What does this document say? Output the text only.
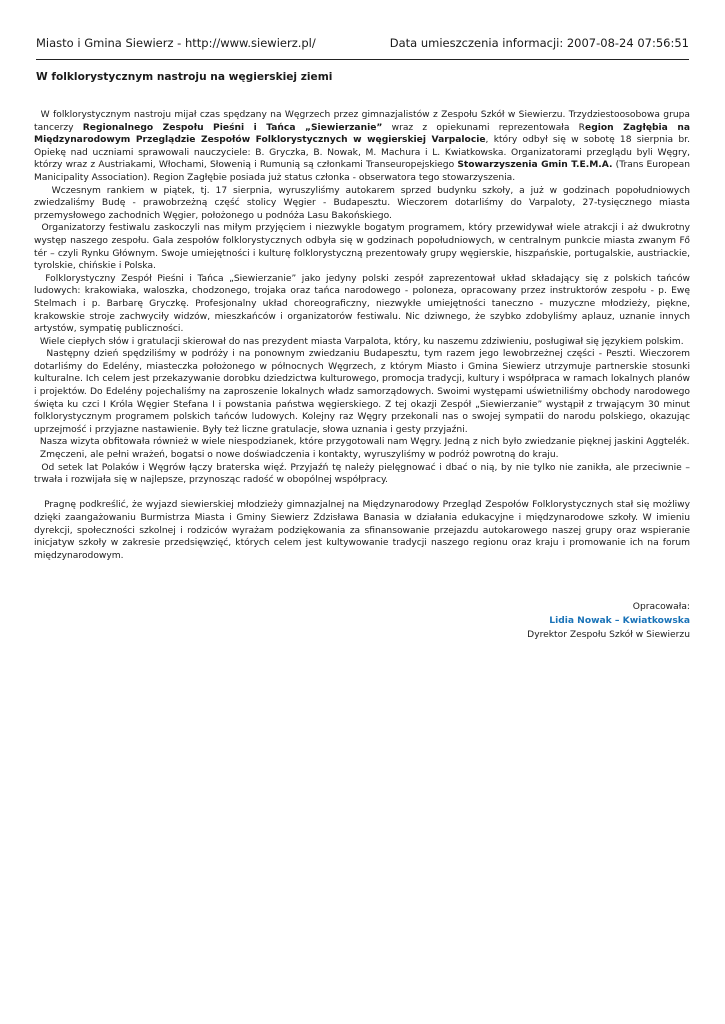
Miasto i Gmina Siewierz - http://www.siewierz.pl/	Data umieszczenia informacji: 2007-08-24 07:56:51
W folklorystycznym nastroju na węgierskiej ziemi

W folklorystycznym nastroju mijał czas spędzany na Węgrzech przez gimnazjalistów z Zespołu Szkół w Siewierzu. Trzydziestoosobowa grupa tancerzy Regionalnego Zespołu Pieśni i Tańca „Siewierzanie” wraz z opiekunami reprezentowała Region Zagłębia na Międzynarodowym Przeglądzie Zespołów Folklorystycznych w węgierskiej Varpalocie, który odbył się w sobotę 18 sierpnia br. Opiekę nad uczniami sprawowali nauczyciele: B. Gryczka, B. Nowak, M. Machura i L. Kwiatkowska. Organizatorami przeglądu byli Węgry, którzy wraz z Austriakami, Włochami, Słowenią i Rumunią są członkami Transeuropejskiego Stowarzyszenia Gmin T.E.M.A. (Trans European Manicipality Association). Region Zagłębie posiada już status członka - obserwatora tego stowarzyszenia.

Wczesnym rankiem w piątek, tj. 17 sierpnia, wyruszyliśmy autokarem sprzed budynku szkoły, a już w godzinach popołudniowych zwiedzaliśmy Budę - prawobrzeżną część stolicy Węgier - Budapesztu. Wieczorem dotarliśmy do Varpaloty, 27-tysięcznego miasta przemysłowego zachodnich Węgier, położonego u podnóża Lasu Bakońskiego.

Organizatorzy festiwalu zaskoczyli nas miłym przyjęciem i niezwykle bogatym programem, który przewidywał wiele atrakcji i aż dwukrotny występ naszego zespołu. Gala zespołów folklorystycznych odbyła się w godzinach popołudniowych, w centralnym punkcie miasta zwanym Fő tér – czyli Rynku Głównym. Swoje umiejętności i kulturę folklorystyczną prezentowały grupy węgierskie, hiszpańskie, portugalskie, austriackie, tyrolskie, chińskie i Polska.

Folklorystyczny Zespół Pieśni i Tańca „Siewierzanie” jako jedyny polski zespół zaprezentował układ składający się z polskich tańców ludowych: krakowiaka, waloszka, chodzonego, trojaka oraz tańca narodowego - poloneza, opracowany przez instruktorów zespołu - p. Ewę Stelmach i p. Barbarę Gryczkę. Profesjonalny układ choreograficzny, niezwykłe umiejętności taneczno - muzyczne młodzieży, piękne, krakowskie stroje zachwyciły widzów, mieszkańców i organizatorów festiwalu. Nic dziwnego, że szybko zdobyliśmy aplauz, uznanie innych artystów, sympatię publiczności.

Wiele ciepłych słów i gratulacji skierował do nas prezydent miasta Varpalota, który, ku naszemu zdziwieniu, posługiwał się językiem polskim.

Następny dzień spędziliśmy w podróży i na ponownym zwiedzaniu Budapesztu, tym razem jego lewobrzeżnej części - Peszti. Wieczorem dotarliśmy do Edelény, miasteczka położonego w północnych Węgrzech, z którym Miasto i Gmina Siewierz utrzymuje partnerskie stosunki kulturalne. Ich celem jest przekazywanie dorobku dziedzictwa kulturowego, promocja tradycji, kultury i współpraca w ramach lokalnych planów i projektów. Do Edelény pojechaliśmy na zaproszenie lokalnych władz samorządowych. Swoimi występami uświetniliśmy obchody narodowego święta ku czci I Króla Węgier Stefana I i powstania państwa węgierskiego. Z tej okazji Zespół „Siewierzanie” wystąpił z trwającym 30 minut folklorystycznym programem polskich tańców ludowych. Kolejny raz Węgry przekonali nas o swojej sympatii do narodu polskiego, okazując uprzejmość i przyjazne nastawienie. Były też liczne gratulacje, słowa uznania i gesty przyjaźni.

Nasza wizyta obfitowała również w wiele niespodzianek, które przygotowali nam Węgry. Jedną z nich było zwiedzanie pięknej jaskini Aggtelék.

Zmęczeni, ale pełni wrażeń, bogatsi o nowe doświadczenia i kontakty, wyruszyliśmy w podróż powrotną do kraju.

Od setek lat Polaków i Węgrów łączy braterska więź. Przyjaźń tę należy pielęgnować i dbać o nią, by nie tylko nie zanikła, ale przeciwnie – trwała i rozwijała się w najlepsze, przynosząc radość w obopólnej współpracy.

Pragnę podkreślić, że wyjazd siewierskiej młodzieży gimnazjalnej na Międzynarodowy Przegląd Zespołów Folklorystycznych stał się możliwy dzięki zaangażowaniu Burmistrza Miasta i Gminy Siewierz Zdzisława Banasia w działania edukacyjne i międzynarodowe szkoły. W imieniu dyrekcji, społeczności szkolnej i rodziców wyrażam podziękowania za sfinansowanie przejazdu autokarowego naszej grupy oraz wspieranie inicjatyw szkoły w zakresie przedsięwzięć, których celem jest kultywowanie tradycji naszego regionu oraz kraju i promowanie ich na forum międzynarodowym.

Opracowała:
Lidia Nowak – Kwiatkowska
Dyrektor Zespołu Szkół w Siewierzu
